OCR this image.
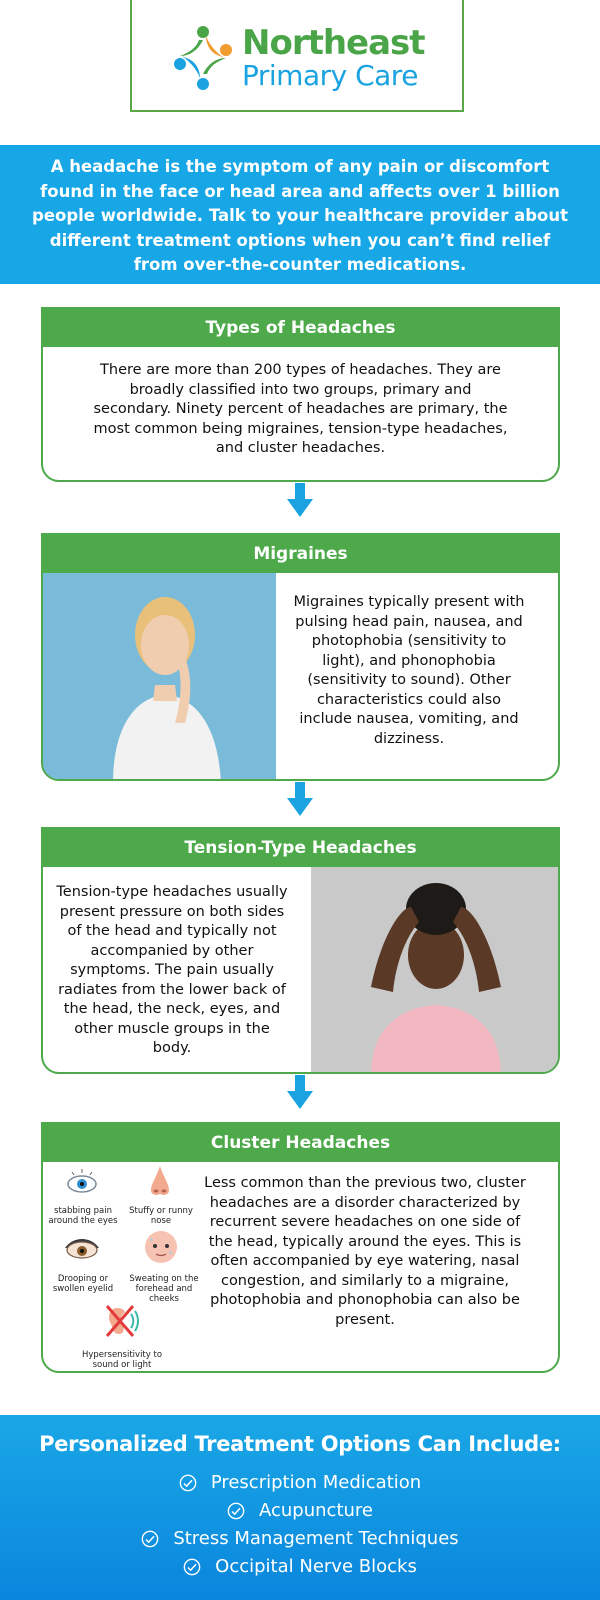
Northeast
Primary Care
A headache is the symptom of any pain or discomfort found in the face or head area and affects over 1 billion people worldwide. Talk to your healthcare provider about different treatment options when you can’t find relief from over-the-counter medications.
Types of Headaches
There are more than 200 types of headaches. They are broadly classified into two groups, primary and secondary. Ninety percent of headaches are primary, the most common being migraines, tension-type headaches, and cluster headaches.
Migraines
Migraines typically present with pulsing head pain, nausea, and photophobia (sensitivity to light), and phonophobia (sensitivity to sound). Other characteristics could also include nausea, vomiting, and dizziness.
Tension-Type Headaches
Tension-type headaches usually present pressure on both sides of the head and typically not accompanied by other symptoms. The pain usually radiates from the lower back of the head, the neck, eyes, and other muscle groups in the body.
Cluster Headaches
stabbing pain around the eyes
Stuffy or runny nose
Drooping or swollen eyelid
Sweating on the forehead and cheeks
Hypersensitivity to sound or light
Less common than the previous two, cluster headaches are a disorder characterized by recurrent severe headaches on one side of the head, typically around the eyes. This is often accompanied by eye watering, nasal congestion, and similarly to a migraine, photophobia and phonophobia can also be present.
Personalized Treatment Options Can Include:
Prescription Medication
Acupuncture
Stress Management Techniques
Occipital Nerve Blocks
